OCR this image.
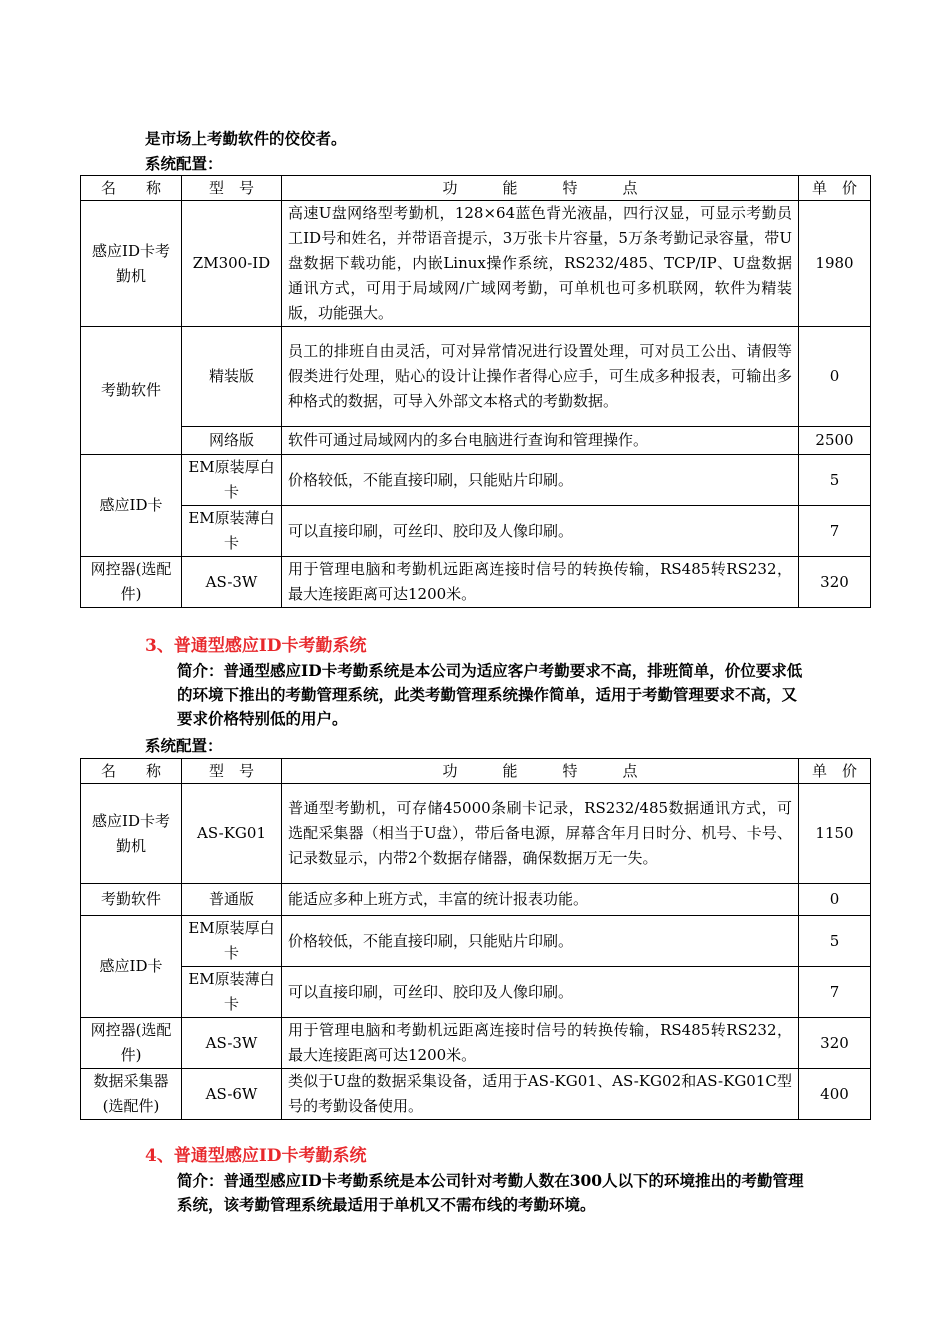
是市场上考勤软件的佼佼者。
系统配置：
名　　称	型　号	功　　　能　　　特　　　点	单　价
感应ID卡考勤机	ZM300-ID	高速U盘网络型考勤机，128×64蓝色背光液晶，四行汉显，可显示考勤员工ID号和姓名，并带语音提示，3万张卡片容量，5万条考勤记录容量，带U盘数据下载功能，内嵌Linux操作系统，RS232/485、TCP/IP、U盘数据通讯方式，可用于局域网/广域网考勤，可单机也可多机联网，软件为精装版，功能强大。	1980
考勤软件	精装版	员工的排班自由灵活，可对异常情况进行设置处理，可对员工公出、请假等假类进行处理，贴心的设计让操作者得心应手，可生成多种报表，可输出多种格式的数据，可导入外部文本格式的考勤数据。	0
	网络版	软件可通过局域网内的多台电脑进行查询和管理操作。	2500
感应ID卡	EM原装厚白卡	价格较低，不能直接印刷，只能贴片印刷。	5
	EM原装薄白卡	可以直接印刷，可丝印、胶印及人像印刷。	7
网控器(选配件)	AS-3W	用于管理电脑和考勤机远距离连接时信号的转换传输，RS485转RS232，最大连接距离可达1200米。	320
3、普通型感应ID卡考勤系统
简介：普通型感应ID卡考勤系统是本公司为适应客户考勤要求不高，排班简单，价位要求低的环境下推出的考勤管理系统，此类考勤管理系统操作简单，适用于考勤管理要求不高，又要求价格特别低的用户。
系统配置：
名　　称	型　号	功　　　能　　　特　　　点	单　价
感应ID卡考勤机	AS-KG01	普通型考勤机，可存储45000条刷卡记录，RS232/485数据通讯方式，可选配采集器（相当于U盘），带后备电源，屏幕含年月日时分、机号、卡号、记录数显示，内带2个数据存储器，确保数据万无一失。	1150
考勤软件	普通版	能适应多种上班方式，丰富的统计报表功能。	0
感应ID卡	EM原装厚白卡	价格较低，不能直接印刷，只能贴片印刷。	5
	EM原装薄白卡	可以直接印刷，可丝印、胶印及人像印刷。	7
网控器(选配件)	AS-3W	用于管理电脑和考勤机远距离连接时信号的转换传输，RS485转RS232，最大连接距离可达1200米。	320
数据采集器(选配件)	AS-6W	类似于U盘的数据采集设备，适用于AS-KG01、AS-KG02和AS-KG01C型号的考勤设备使用。	400
4、普通型感应ID卡考勤系统
简介：普通型感应ID卡考勤系统是本公司针对考勤人数在300人以下的环境推出的考勤管理系统，该考勤管理系统最适用于单机又不需布线的考勤环境。
